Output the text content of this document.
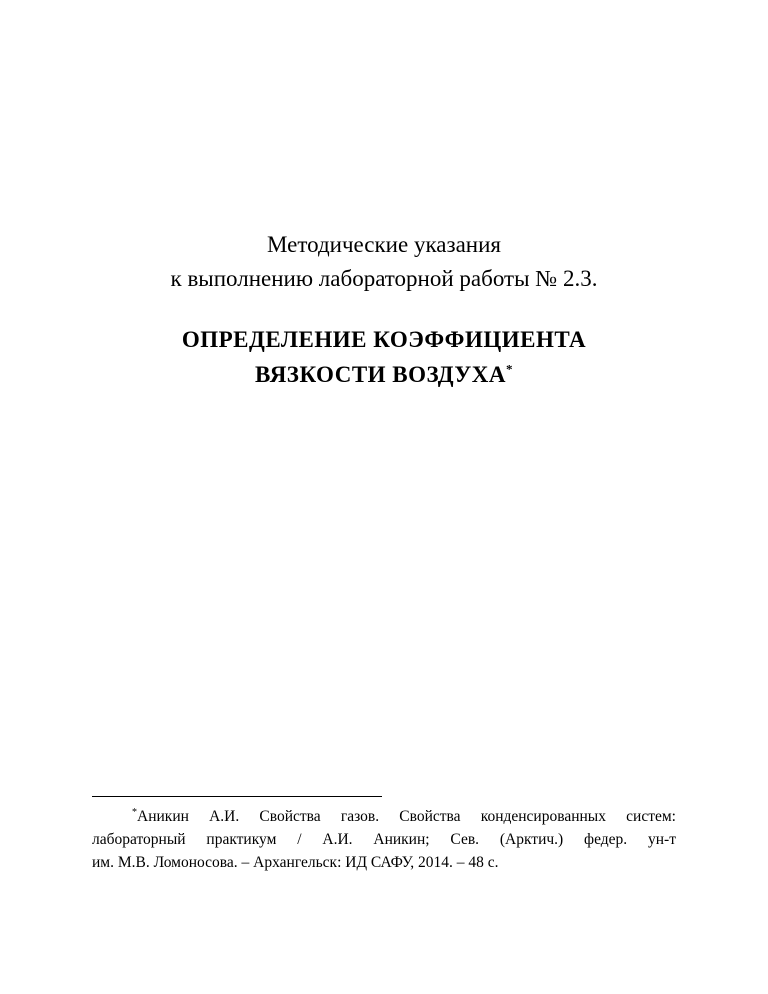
Методические указания
к выполнению лабораторной работы № 2.3.
ОПРЕДЕЛЕНИЕ КОЭФФИЦИЕНТА
ВЯЗКОСТИ ВОЗДУХА*
*Аникин А.И. Свойства газов. Свойства конденсированных систем:
лабораторный практикум / А.И. Аникин; Сев. (Арктич.) федер. ун-т
им. М.В. Ломоносова. – Архангельск: ИД САФУ, 2014. – 48 с.
